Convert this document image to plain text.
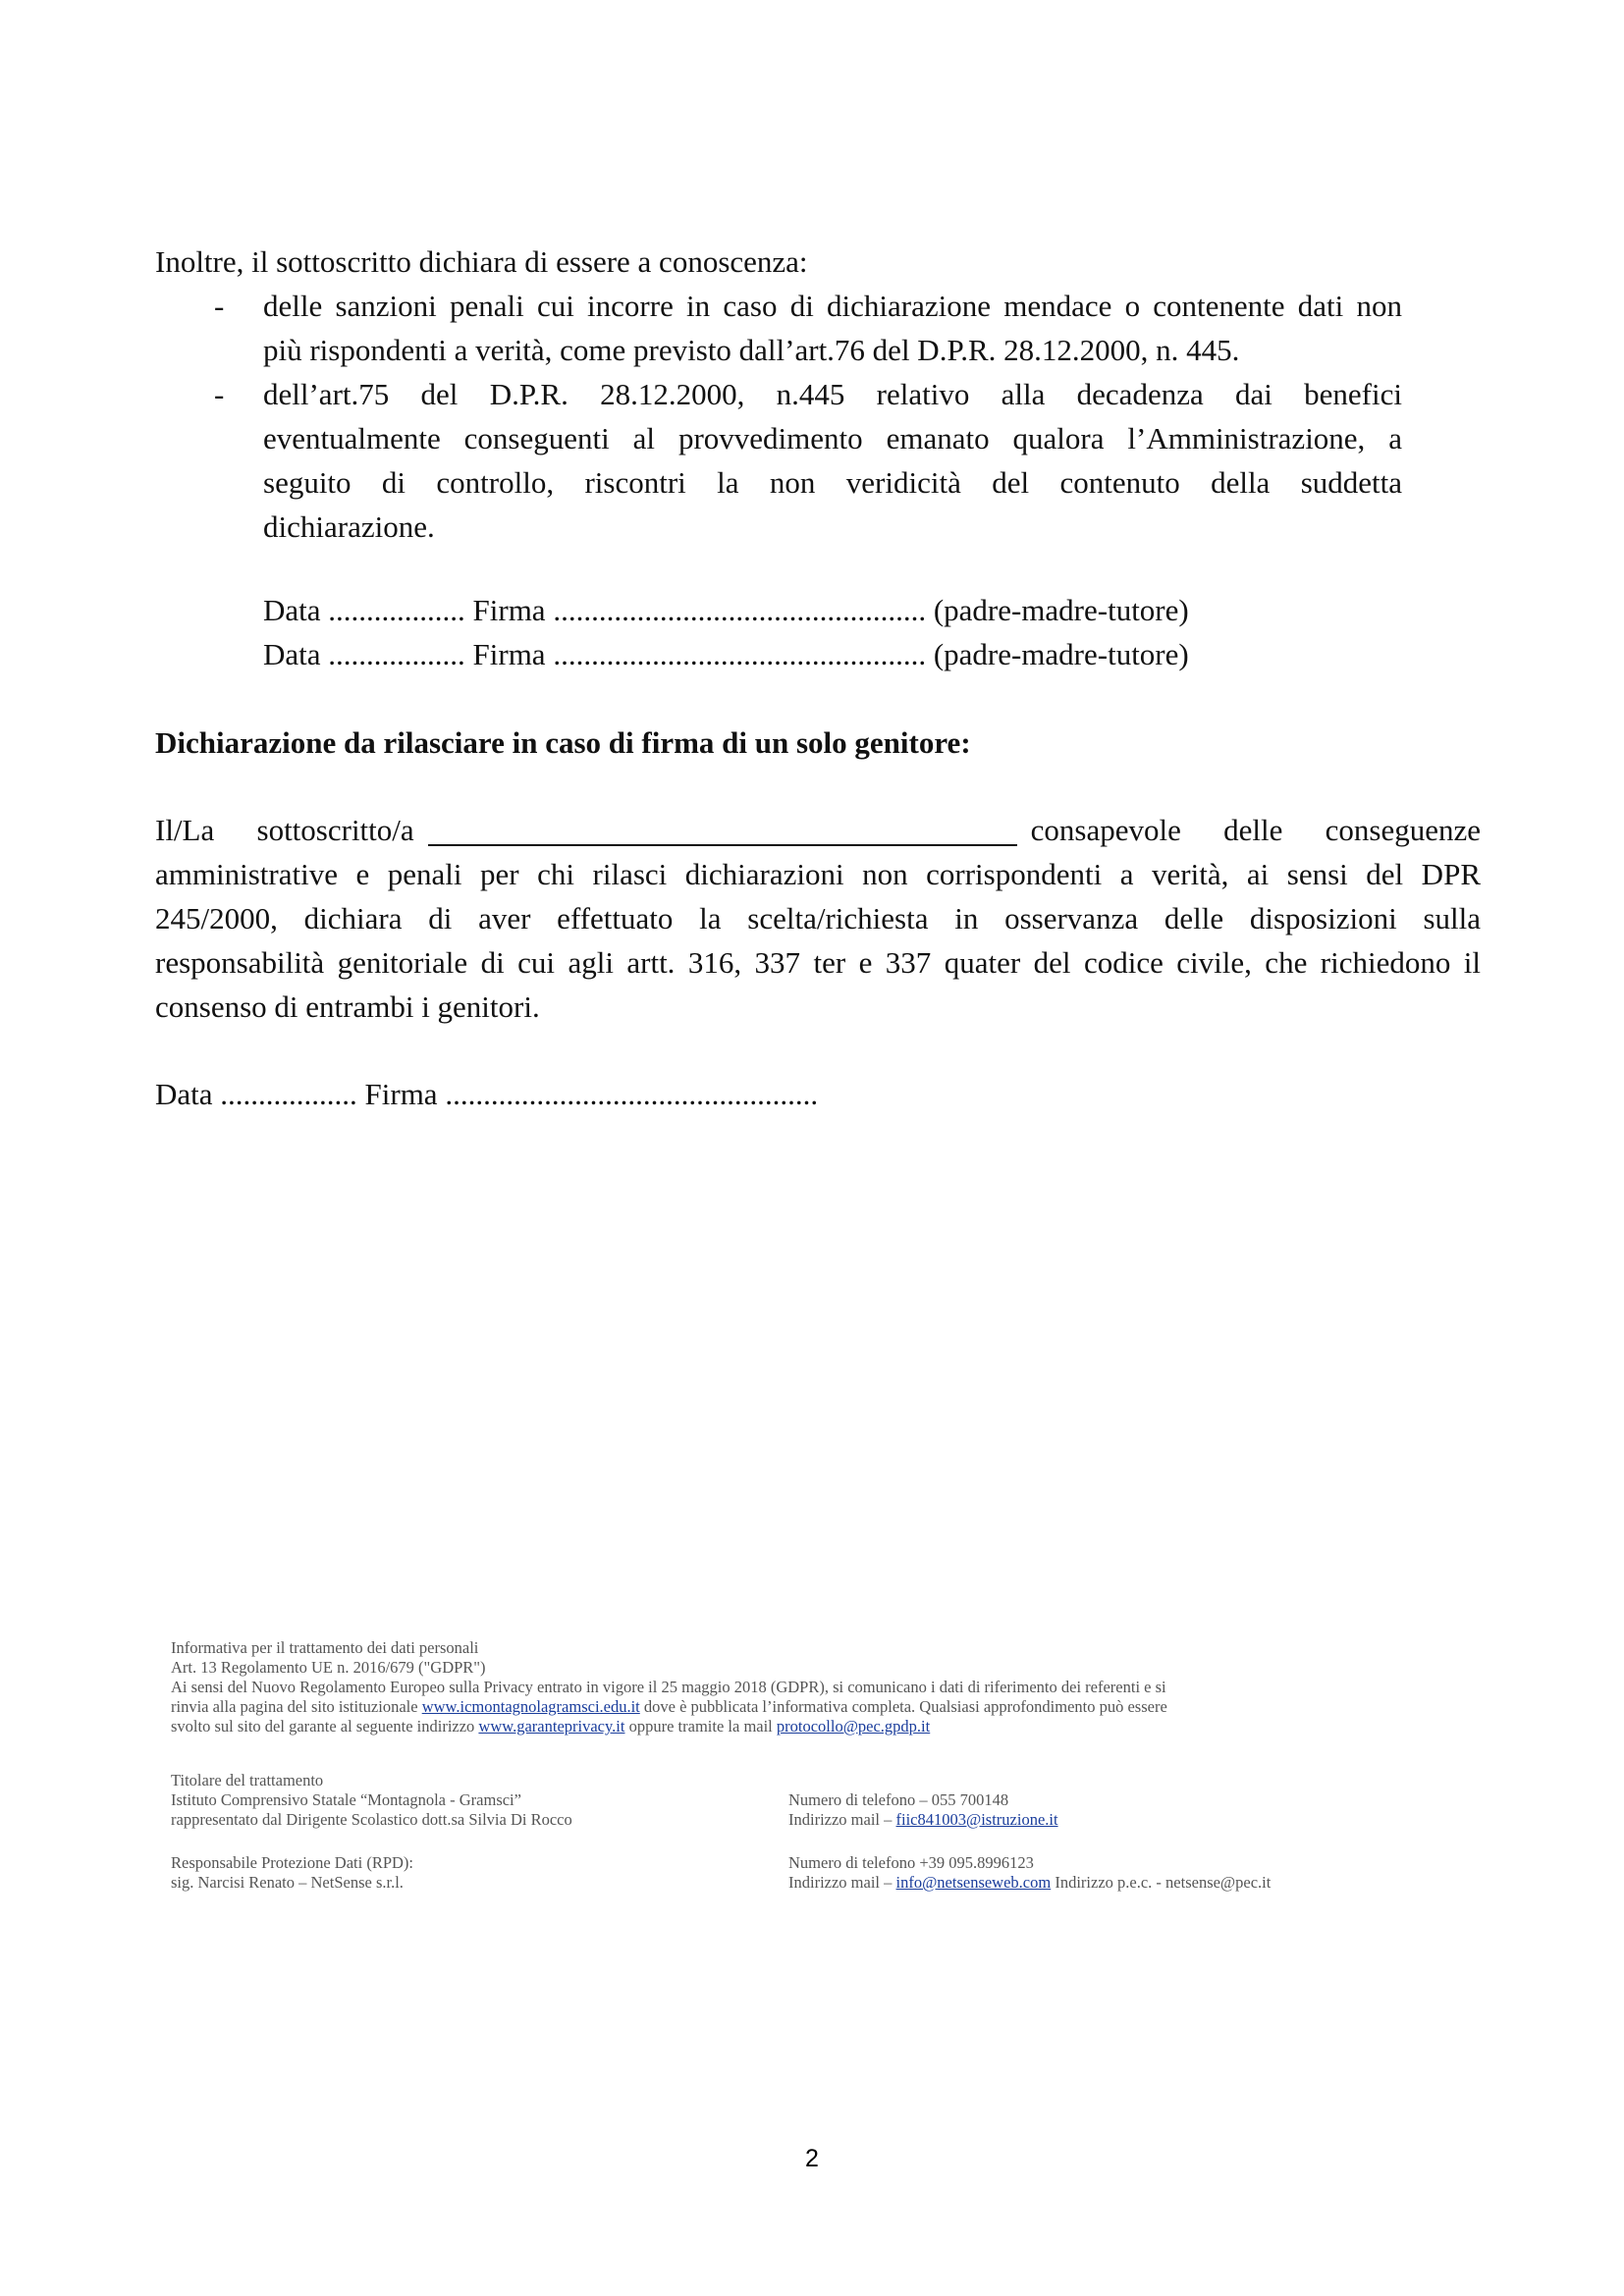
Inoltre, il sottoscritto dichiara di essere a conoscenza:
- delle sanzioni penali cui incorre in caso di dichiarazione mendace o contenente dati non
più rispondenti a verità, come previsto dall’art.76 del D.P.R. 28.12.2000, n. 445.
- dell’art.75 del D.P.R. 28.12.2000, n.445 relativo alla decadenza dai benefici
eventualmente conseguenti al provvedimento emanato qualora l’Amministrazione, a
seguito di controllo, riscontri la non veridicità del contenuto della suddetta
dichiarazione.
Data .................. Firma ................................................. (padre-madre-tutore)
Data .................. Firma ................................................. (padre-madre-tutore)
Dichiarazione da rilasciare in caso di firma di un solo genitore:
Il/La sottoscritto/a	consapevole delle conseguenze
amministrative e penali per chi rilasci dichiarazioni non corrispondenti a verità, ai sensi del DPR
245/2000, dichiara di aver effettuato la scelta/richiesta in osservanza delle disposizioni sulla
responsabilità genitoriale di cui agli artt. 316, 337 ter e 337 quater del codice civile, che richiedono il
consenso di entrambi i genitori.
Data .................. Firma .................................................
Informativa per il trattamento dei dati personali
Art. 13 Regolamento UE n. 2016/679 ("GDPR")
Ai sensi del Nuovo Regolamento Europeo sulla Privacy entrato in vigore il 25 maggio 2018 (GDPR), si comunicano i dati di riferimento dei referenti e si
rinvia alla pagina del sito istituzionale www.icmontagnolagramsci.edu.it dove è pubblicata l’informativa completa. Qualsiasi approfondimento può essere
svolto sul sito del garante al seguente indirizzo www.garanteprivacy.it oppure tramite la mail protocollo@pec.gpdp.it
Titolare del trattamento
Istituto Comprensivo Statale “Montagnola - Gramsci”
rappresentato dal Dirigente Scolastico dott.sa Silvia Di Rocco
Numero di telefono – 055 700148
Indirizzo mail – fiic841003@istruzione.it
Responsabile Protezione Dati (RPD):
sig. Narcisi Renato – NetSense s.r.l.
Numero di telefono +39 095.8996123
Indirizzo mail – info@netsenseweb.com Indirizzo p.e.c. - netsense@pec.it
2
